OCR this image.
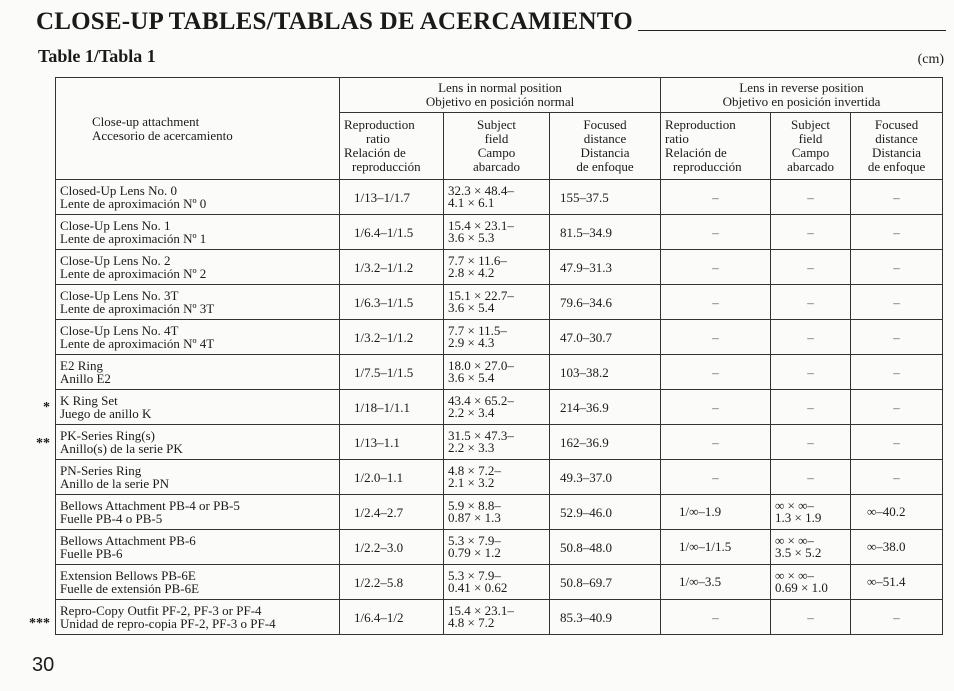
CLOSE-UP TABLES/TABLAS DE ACERCAMIENTO
Table 1/Tabla 1	(cm)
*
**
***
Close-up attachment
Accesorio de acercamiento	Lens in normal position
Objetivo en posición normal			Lens in reverse position
Objetivo en posición invertida		

	Reproduction
ratio
Relación de
reproducción	Subject
field
Campo
abarcado	Focused
distance
Distancia
de enfoque	Reproduction
ratio
Relación de
reproducción	Subject
field
Campo
abarcado	Focused
distance
Distancia
de enfoque

Closed-Up Lens No. 0
Lente de aproximación Nº 0	1/13–1/1.7	32.3 × 48.4–
4.1 × 6.1	155–37.5	–	–	–

Close-Up Lens No. 1
Lente de aproximación Nº 1	1/6.4–1/1.5	15.4 × 23.1–
3.6 × 5.3	81.5–34.9	–	–	–

Close-Up Lens No. 2
Lente de aproximación Nº 2	1/3.2–1/1.2	7.7 × 11.6–
2.8 × 4.2	47.9–31.3	–	–	–

Close-Up Lens No. 3T
Lente de aproximación Nº 3T	1/6.3–1/1.5	15.1 × 22.7–
3.6 × 5.4	79.6–34.6	–	–	–

Close-Up Lens No. 4T
Lente de aproximación Nº 4T	1/3.2–1/1.2	7.7 × 11.5–
2.9 × 4.3	47.0–30.7	–	–	–

E2 Ring
Anillo E2	1/7.5–1/1.5	18.0 × 27.0–
3.6 × 5.4	103–38.2	–	–	–

K Ring Set
Juego de anillo K	1/18–1/1.1	43.4 × 65.2–
2.2 × 3.4	214–36.9	–	–	–

PK-Series Ring(s)
Anillo(s) de la serie PK	1/13–1.1	31.5 × 47.3–
2.2 × 3.3	162–36.9	–	–	–

PN-Series Ring
Anillo de la serie PN	1/2.0–1.1	4.8 × 7.2–
2.1 × 3.2	49.3–37.0	–	–	–

Bellows Attachment PB-4 or PB-5
Fuelle PB-4 o PB-5	1/2.4–2.7	5.9 × 8.8–
0.87 × 1.3	52.9–46.0	1/∞–1.9	∞ × ∞–
1.3 × 1.9	∞–40.2

Bellows Attachment PB-6
Fuelle PB-6	1/2.2–3.0	5.3 × 7.9–
0.79 × 1.2	50.8–48.0	1/∞–1/1.5	∞ × ∞–
3.5 × 5.2	∞–38.0

Extension Bellows PB-6E
Fuelle de extensión PB-6E	1/2.2–5.8	5.3 × 7.9–
0.41 × 0.62	50.8–69.7	1/∞–3.5	∞ × ∞–
0.69 × 1.0	∞–51.4

Repro-Copy Outfit PF-2, PF-3 or PF-4
Unidad de repro-copia PF-2, PF-3 o PF-4	1/6.4–1/2	15.4 × 23.1–
4.8 × 7.2	85.3–40.9	–	–	–
30
